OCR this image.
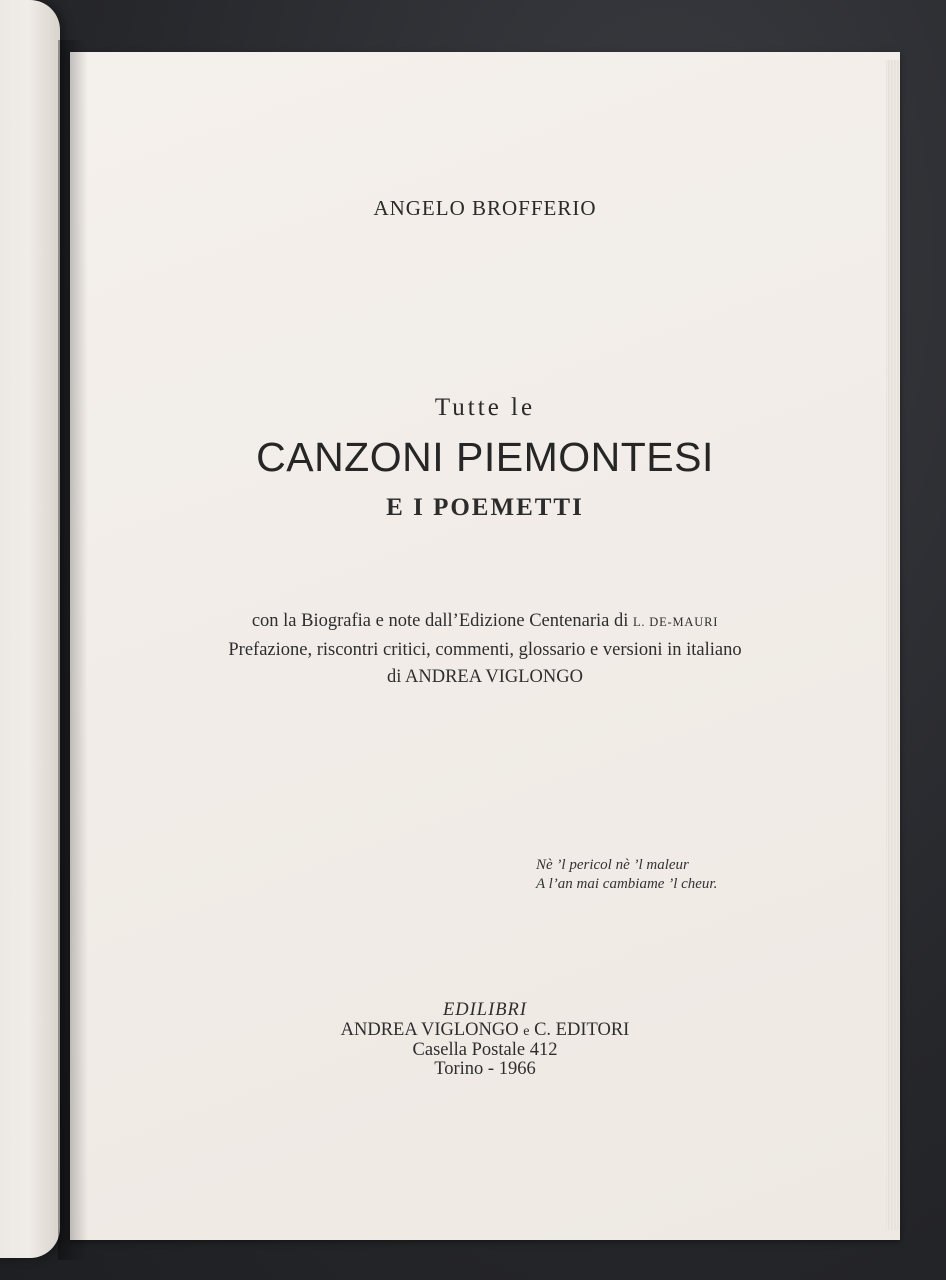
ANGELO BROFFERIO
Tutte le
CANZONI PIEMONTESI
E I POEMETTI
con la Biografia e note dall’Edizione Centenaria di L. DE-MAURI
Prefazione, riscontri critici, commenti, glossario e versioni in italiano
di ANDREA VIGLONGO
Nè ’l pericol nè ’l maleur
A l’an mai cambiame ’l cheur.
EDILIBRI
ANDREA VIGLONGO e C. EDITORI
Casella Postale 412
Torino - 1966
